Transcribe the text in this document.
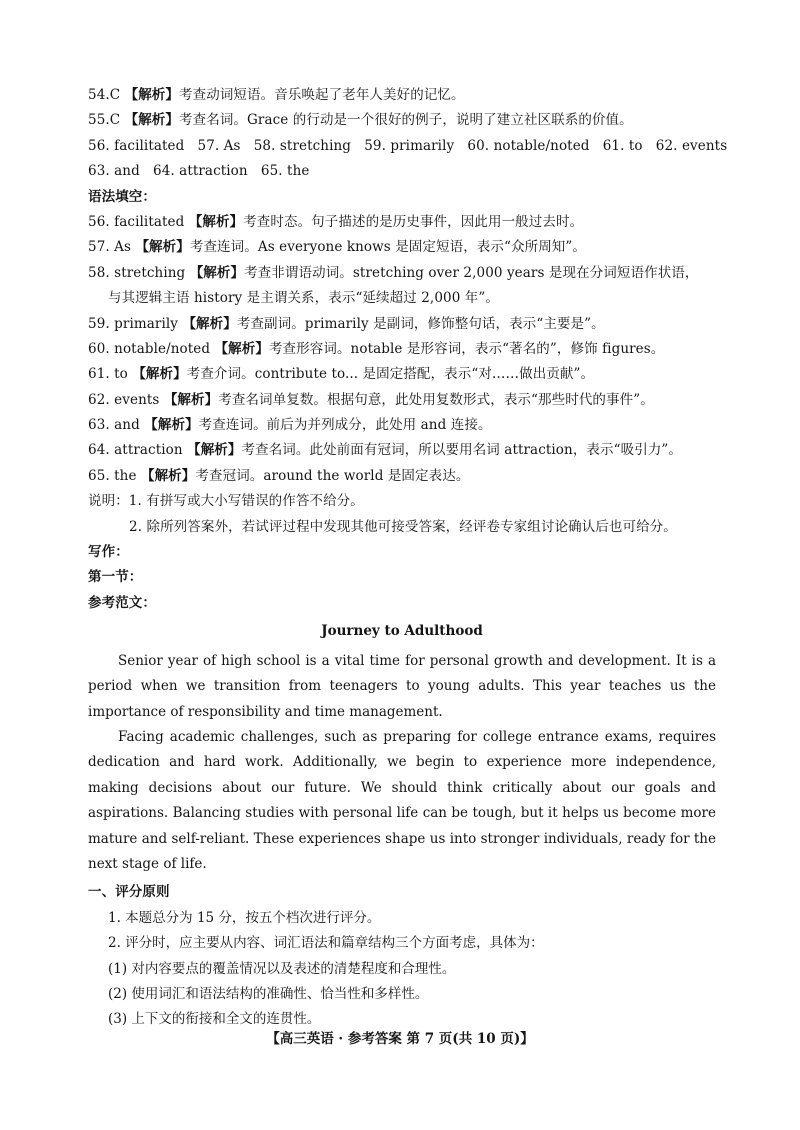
54.C 【解析】考查动词短语。音乐唤起了老年人美好的记忆。
55.C 【解析】考查名词。Grace 的行动是一个很好的例子，说明了建立社区联系的价值。
56. facilitated   57. As   58. stretching   59. primarily   60. notable/noted   61. to   62. events
63. and   64. attraction   65. the
语法填空：
56. facilitated 【解析】考查时态。句子描述的是历史事件，因此用一般过去时。
57. As 【解析】考查连词。As everyone knows 是固定短语，表示“众所周知”。
58. stretching 【解析】考查非谓语动词。stretching over 2,000 years 是现在分词短语作状语，
与其逻辑主语 history 是主谓关系，表示“延续超过 2,000 年”。
59. primarily 【解析】考查副词。primarily 是副词，修饰整句话，表示“主要是”。
60. notable/noted 【解析】考查形容词。notable 是形容词，表示“著名的”，修饰 figures。
61. to 【解析】考查介词。contribute to... 是固定搭配，表示“对……做出贡献”。
62. events 【解析】考查名词单复数。根据句意，此处用复数形式，表示“那些时代的事件”。
63. and 【解析】考查连词。前后为并列成分，此处用 and 连接。
64. attraction 【解析】考查名词。此处前面有冠词，所以要用名词 attraction，表示“吸引力”。
65. the 【解析】考查冠词。around the world 是固定表达。
说明：1. 有拼写或大小写错误的作答不给分。
2. 除所列答案外，若试评过程中发现其他可接受答案，经评卷专家组讨论确认后也可给分。
写作：
第一节：
参考范文：
Journey to Adulthood

Senior year of high school is a vital time for personal growth and development. It is a period when we transition from teenagers to young adults. This year teaches us the importance of responsibility and time management.

Facing academic challenges, such as preparing for college entrance exams, requires dedication and hard work. Additionally, we begin to experience more independence, making decisions about our future. We should think critically about our goals and aspirations. Balancing studies with personal life can be tough, but it helps us become more mature and self-reliant. These experiences shape us into stronger individuals, ready for the next stage of life.

一、评分原则
1. 本题总分为 15 分，按五个档次进行评分。
2. 评分时，应主要从内容、词汇语法和篇章结构三个方面考虑，具体为：
(1) 对内容要点的覆盖情况以及表述的清楚程度和合理性。
(2) 使用词汇和语法结构的准确性、恰当性和多样性。
(3) 上下文的衔接和全文的连贯性。
【高三英语 · 参考答案 第 7 页(共 10 页)】
